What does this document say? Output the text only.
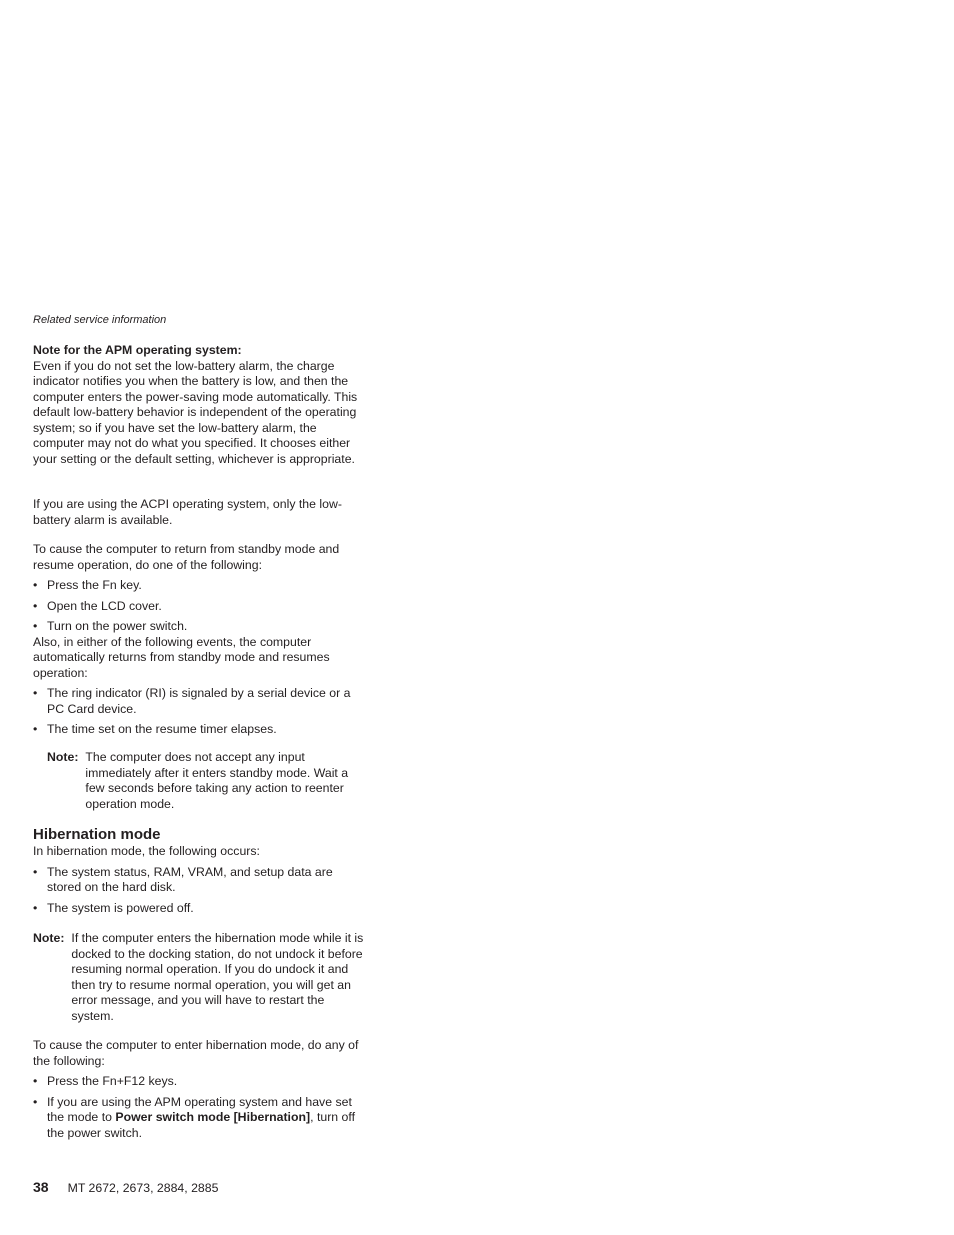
Related service information

Note for the APM operating system:

Even if you do not set the low-battery alarm, the charge indicator notifies you when the battery is low, and then the computer enters the power-saving mode automatically. This default low-battery behavior is independent of the operating system; so if you have set the low-battery alarm, the computer may not do what you specified. It chooses either your setting or the default setting, whichever is appropriate.

If you are using the ACPI operating system, only the low-battery alarm is available.

To cause the computer to return from standby mode and resume operation, do one of the following:

• Press the Fn key.
• Open the LCD cover.
• Turn on the power switch.

Also, in either of the following events, the computer automatically returns from standby mode and resumes operation:

• The ring indicator (RI) is signaled by a serial device or a PC Card device.
• The time set on the resume timer elapses.
Note: The computer does not accept any input immediately after it enters standby mode. Wait a few seconds before taking any action to reenter operation mode.
Hibernation mode

In hibernation mode, the following occurs:

• The system status, RAM, VRAM, and setup data are stored on the hard disk.
• The system is powered off.
Note: If the computer enters the hibernation mode while it is docked to the docking station, do not undock it before resuming normal operation. If you do undock it and then try to resume normal operation, you will get an error message, and you will have to restart the system.

To cause the computer to enter hibernation mode, do any of the following:

• Press the Fn+F12 keys.
• If you are using the APM operating system and have set the mode to Power switch mode [Hibernation], turn off the power switch.
38 MT 2672, 2673, 2884, 2885
